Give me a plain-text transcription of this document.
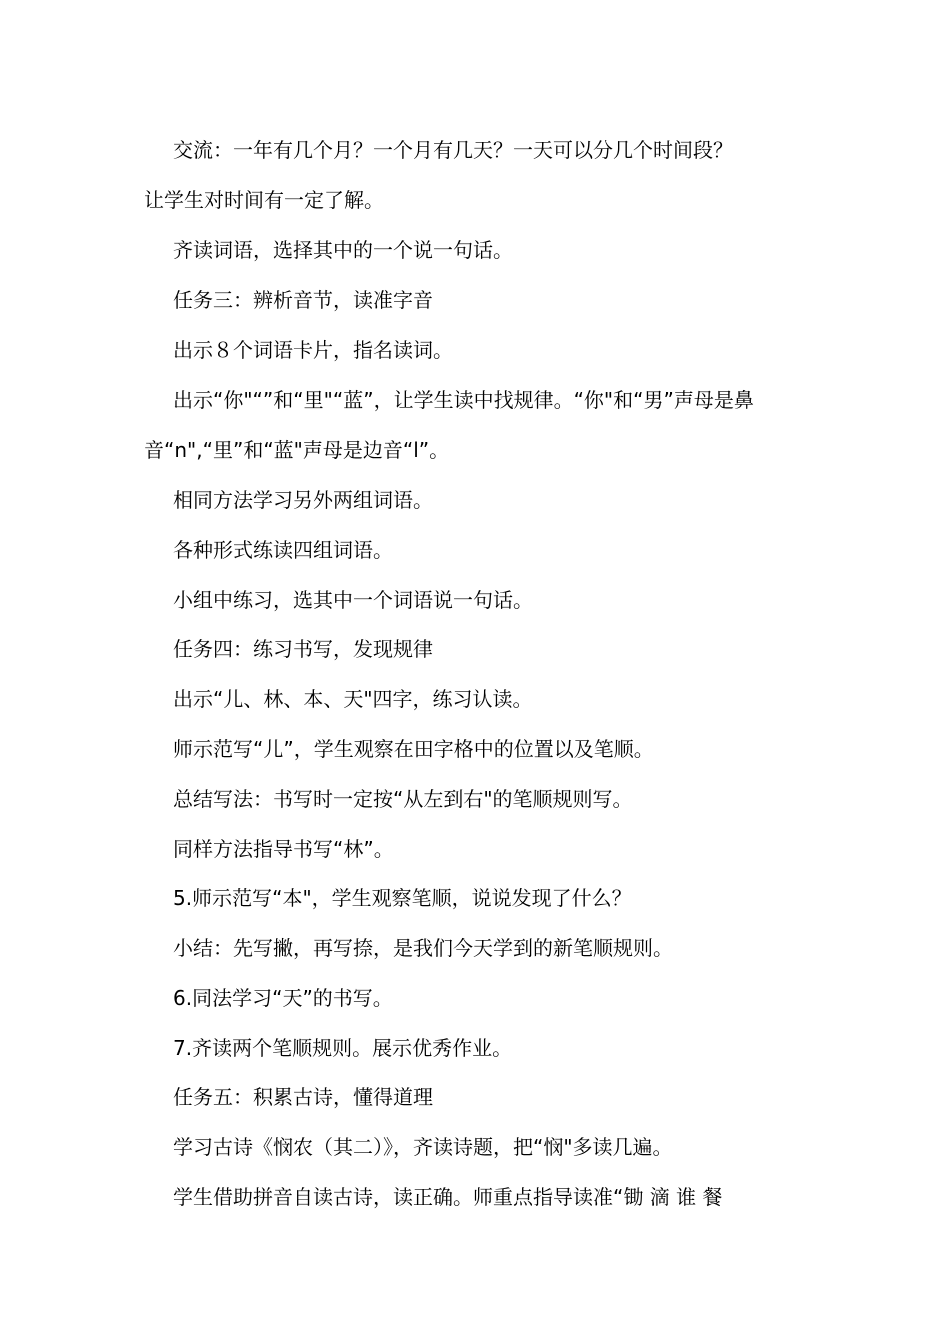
交流：一年有几个月？一个月有几天？一天可以分几个时间段？
让学生对时间有一定了解。
齐读词语，选择其中的一个说一句话。
任务三：辨析音节，读准字音
出示８个词语卡片，指名读词。
出示“你"“”和“里"“蓝”，让学生读中找规律。“你"和“男”声母是鼻
音“n",“里”和“蓝"声母是边音“l”。
相同方法学习另外两组词语。
各种形式练读四组词语。
小组中练习，选其中一个词语说一句话。
任务四：练习书写，发现规律
出示“儿、林、本、天"四字，练习认读。
师示范写“儿”，学生观察在田字格中的位置以及笔顺。
总结写法：书写时一定按“从左到右"的笔顺规则写。
同样方法指导书写“林”。
5.师示范写“本"，学生观察笔顺，说说发现了什么？
小结：先写撇，再写捺，是我们今天学到的新笔顺规则。
6.同法学习“天”的书写。
7.齐读两个笔顺规则。展示优秀作业。
任务五：积累古诗，懂得道理
学习古诗《悯农（其二）》，齐读诗题，把“悯"多读几遍。
学生借助拼音自读古诗，读正确。师重点指导读准“锄 滴 谁 餐
